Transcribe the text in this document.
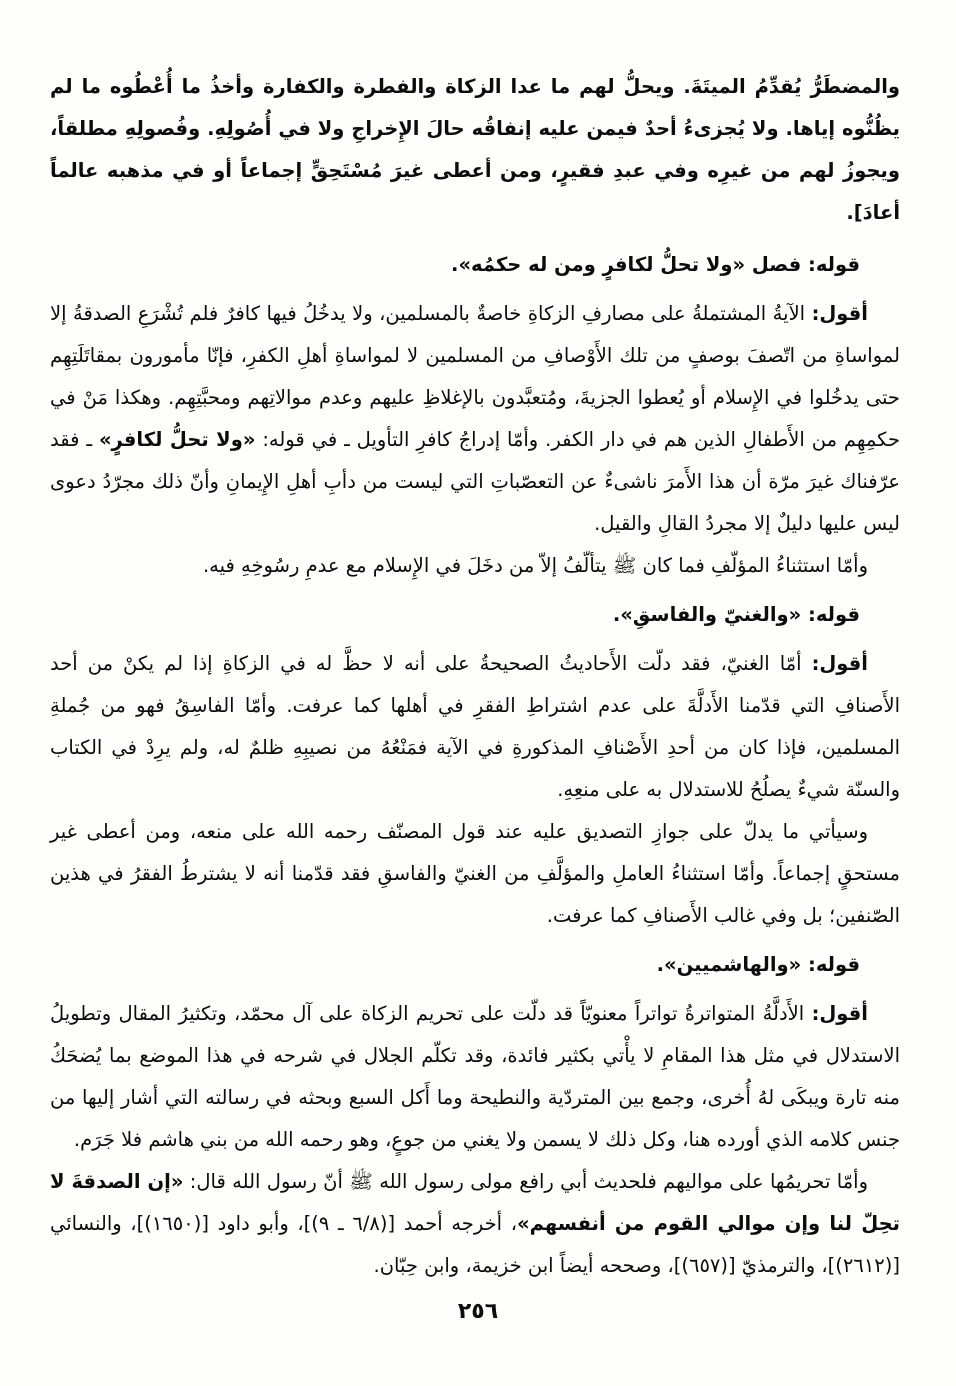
والمضطَرُّ يُقدِّمُ الميتَةَ. ويحلُّ لهم ما عدا الزكاة والفطرة والكفارة وأخذُ ما أُعْطُوه ما لم يظُنُّوه إياها. ولا يُجزىءُ أحدٌ فيمن عليه إنفاقُه حالَ الإِخراجِ ولا في أُصُولِهِ. وفُصولِهِ مطلقاً، ويجوزُ لهم من غيرِه وفي عبدِ فقيرٍ، ومن أعطى غيرَ مُسْتَحِقٍّ إجماعاً أو في مذهبه عالماً أعادَ].

قوله: فصل «ولا تحلُّ لكافرٍ ومن له حكمُه».

أقول: الآيةُ المشتملةُ على مصارفِ الزكاةِ خاصةٌ بالمسلمين، ولا يدخُلُ فيها كافرٌ فلم تُشْرَعِ الصدقةُ إلا لمواساةِ من اتّصفَ بوصفٍ من تلك الأَوْصافِ من المسلمين لا لمواساةِ أهلِ الكفرِ، فإنّا مأمورون بمقاتَلَتِهِم حتى يدخُلوا في الإِسلام أو يُعطوا الجزيةَ، ومُتعبَّدون بالإغلاظِ عليهم وعدم موالاتِهم ومحبَّتِهِم. وهكذا مَنْ في حكمِهِم من الأَطفالِ الذين هم في دار الكفر. وأمّا إدراجُ كافرِ التأويل ـ في قوله: «ولا تحلُّ لكافرٍ» ـ فقد عرّفناك غيرَ مرّة أن هذا الأَمرَ ناشىءٌ عن التعصّباتِ التي ليست من دأبِ أهلِ الإِيمانِ وأنّ ذلك مجرّدُ دعوى ليس عليها دليلٌ إلا مجردُ القالِ والقيل.

وأمّا استثناءُ المؤلّفِ فما كان ﷺ يتألّفُ إلاّ من دخَلَ في الإِسلام مع عدمِ رسُوخِهِ فيه.

قوله: «والغنيّ والفاسقِ».

أقول: أمّا الغنيّ، فقد دلّت الأَحاديثُ الصحيحةُ على أنه لا حظَّ له في الزكاةِ إذا لم يكنْ من أحد الأَصنافِ التي قدّمنا الأَدلَّةَ على عدم اشتراطِ الفقرِ في أهلها كما عرفت. وأمّا الفاسِقُ فهو من جُملةِ المسلمين، فإذا كان من أحدِ الأَصْنافِ المذكورةِ في الآية فمَنْعُهُ من نصيبِهِ ظلمٌ له، ولم يرِدْ في الكتاب والسنّة شيءٌ يصلُحُ للاستدلال به على منعِهِ.

وسيأتي ما يدلّ على جوازِ التصديق عليه عند قول المصنّف رحمه الله على منعه، ومن أعطى غير مستحقٍ إجماعاً. وأمّا استثناءُ العاملِ والمؤلَّفِ من الغنيّ والفاسقِ فقد قدّمنا أنه لا يشترطُ الفقرُ في هذين الصّنفين؛ بل وفي غالب الأَصنافِ كما عرفت.

قوله: «والهاشميين».

أقول: الأَدلَّةُ المتواترةُ تواتراً معنويّاً قد دلّت على تحريم الزكاة على آل محمّد، وتكثيرُ المقال وتطويلُ الاستدلال في مثل هذا المقامِ لا يأْتي بكثير فائدة، وقد تكلّم الجلال في شرحه في هذا الموضع بما يُضحَكُ منه تارة ويبكَى لهُ أُخرى، وجمع بين المتردّية والنطيحة وما أَكل السبع وبحثه في رسالته التي أشار إليها من جنس كلامه الذي أورده هنا، وكل ذلك لا يسمن ولا يغني من جوعٍ، وهو رحمه الله من بني هاشم فلا جَرَم.

وأمّا تحريمُها على مواليهم فلحديث أبي رافع مولى رسول الله ﷺ أنّ رسول الله قال: «إن الصدقةَ لا تحِلّ لنا وإن موالي القوم من أنفسهم»، أخرجه أحمد [(٦/٨ ـ ٩)]، وأبو داود [(١٦٥٠)]، والنسائي [(٢٦١٢)]، والترمذيّ [(٦٥٧)]، وصححه أيضاً ابن خزيمة، وابن حِبّان.

٢٥٦
